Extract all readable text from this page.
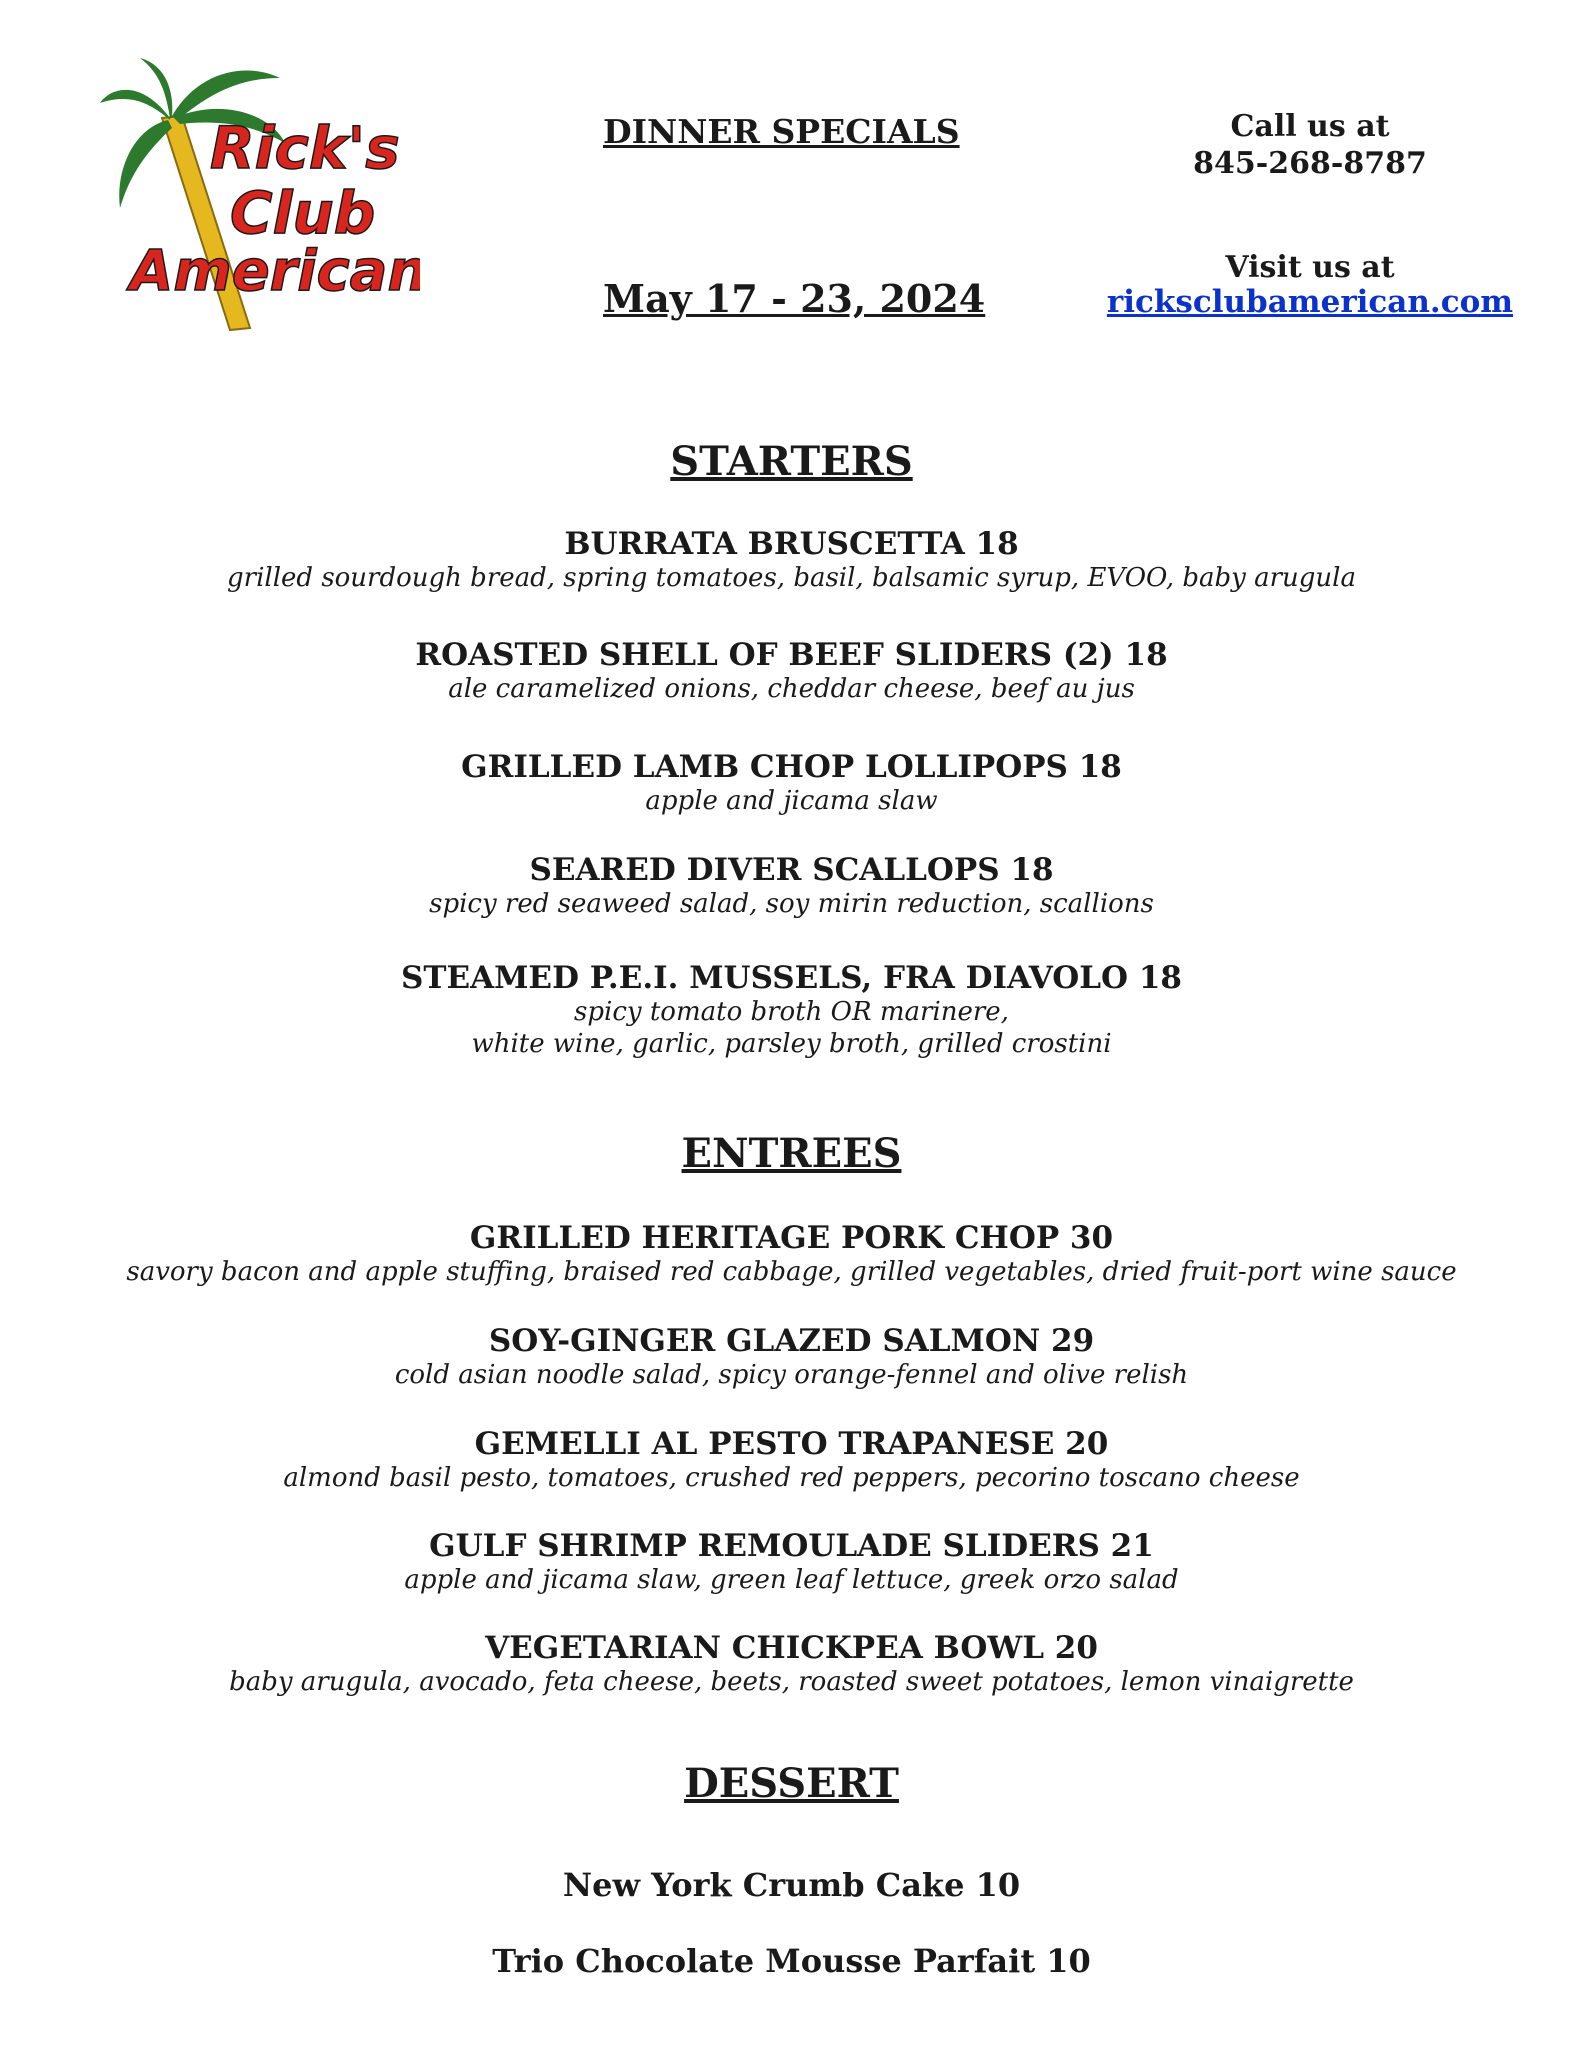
Rick's
Club
American
DINNER SPECIALS
May 17 - 23, 2024
Call us at
845-268-8787
Visit us at
ricksclubamerican.com
STARTERS
BURRATA BRUSCETTA 18
grilled sourdough bread, spring tomatoes, basil, balsamic syrup, EVOO, baby arugula
ROASTED SHELL OF BEEF SLIDERS (2) 18
ale caramelized onions, cheddar cheese, beef au jus
GRILLED LAMB CHOP LOLLIPOPS 18
apple and jicama slaw
SEARED DIVER SCALLOPS 18
spicy red seaweed salad, soy mirin reduction, scallions
STEAMED P.E.I. MUSSELS, FRA DIAVOLO 18
spicy tomato broth OR marinere,
white wine, garlic, parsley broth, grilled crostini
ENTREES
GRILLED HERITAGE PORK CHOP 30
savory bacon and apple stuffing, braised red cabbage, grilled vegetables, dried fruit-port wine sauce
SOY-GINGER GLAZED SALMON 29
cold asian noodle salad, spicy orange-fennel and olive relish
GEMELLI AL PESTO TRAPANESE 20
almond basil pesto, tomatoes, crushed red peppers, pecorino toscano cheese
GULF SHRIMP REMOULADE SLIDERS 21
apple and jicama slaw, green leaf lettuce, greek orzo salad
VEGETARIAN CHICKPEA BOWL 20
baby arugula, avocado, feta cheese, beets, roasted sweet potatoes, lemon vinaigrette
DESSERT
New York Crumb Cake 10
Trio Chocolate Mousse Parfait 10
